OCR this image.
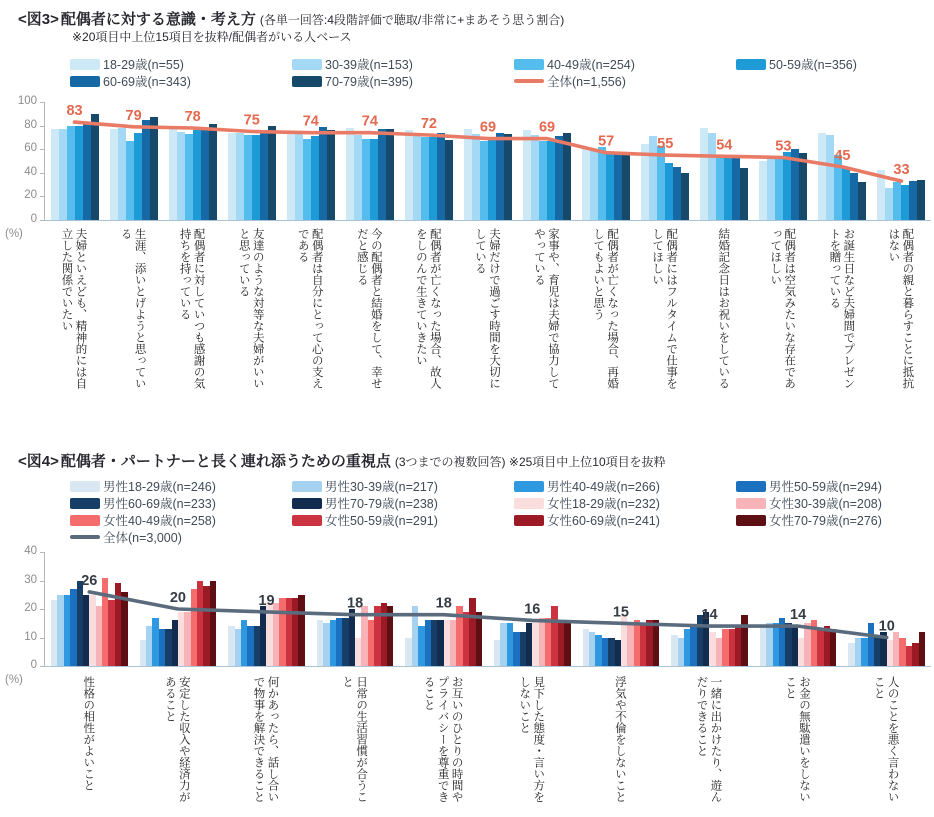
<図3> 配偶者に対する意識・考え方 (各単一回答:4段階評価で聴取/非常に+まあそう思う割合)
※20項目中上位15項目を抜粋/配偶者がいる人ベース
18-29歳(n=55)	30-39歳(n=153)	40-49歳(n=254)	50-59歳(n=356)
60-69歳(n=343)	70-79歳(n=395)	全体(n=1,556)
0
20
40
60
80
100
(%)
83	79	78	75	74	74	72	69	69
57	55	54	53
45
33
夫婦といえども、精神的には自立した関係でいたい	生涯、添いとげようと思っている	配偶者に対していつも感謝の気持ちを持っている	友達のような対等な夫婦がいいと思っている	配偶者は自分にとって心の支えである	今の配偶者と結婚をして、幸せだと感じる	配偶者が亡くなった場合、故人をしのんで生きていきたい	夫婦だけで過ごす時間を大切にしている	家事や、育児は夫婦で協力してやっている	配偶者が亡くなった場合、再婚してもよいと思う	配偶者にはフルタイムで仕事をしてほしい	結婚記念日はお祝いをしている	配偶者は空気みたいな存在であってほしい	お誕生日など夫婦間でプレゼントを贈っている	配偶者の親と暮らすことに抵抗はない
<図4> 配偶者・パートナーと長く連れ添うための重視点 (3つまでの複数回答) ※25項目中上位10項目を抜粋
男性18-29歳(n=246)	男性30-39歳(n=217)	男性40-49歳(n=266)	男性50-59歳(n=294)
男性60-69歳(n=233)	男性70-79歳(n=238)	女性18-29歳(n=232)	女性30-39歳(n=208)
女性40-49歳(n=258)	女性50-59歳(n=291)	女性60-69歳(n=241)	女性70-79歳(n=276)
全体(n=3,000)
0
10
20
30
40
(%)
26
20	19	18	18	16	15	14	14
10
性格の相性がよいこと	安定した収入や経済力があること	何かあったら、話し合いで物事を解決できること	日常の生活習慣が合うこと	お互いのひとりの時間やプライバシーを尊重できること	見下した態度・言い方をしないこと	浮気や不倫をしないこと	一緒に出かけたり、遊んだりできること	お金の無駄遣いをしないこと	人のことを悪く言わないこと
